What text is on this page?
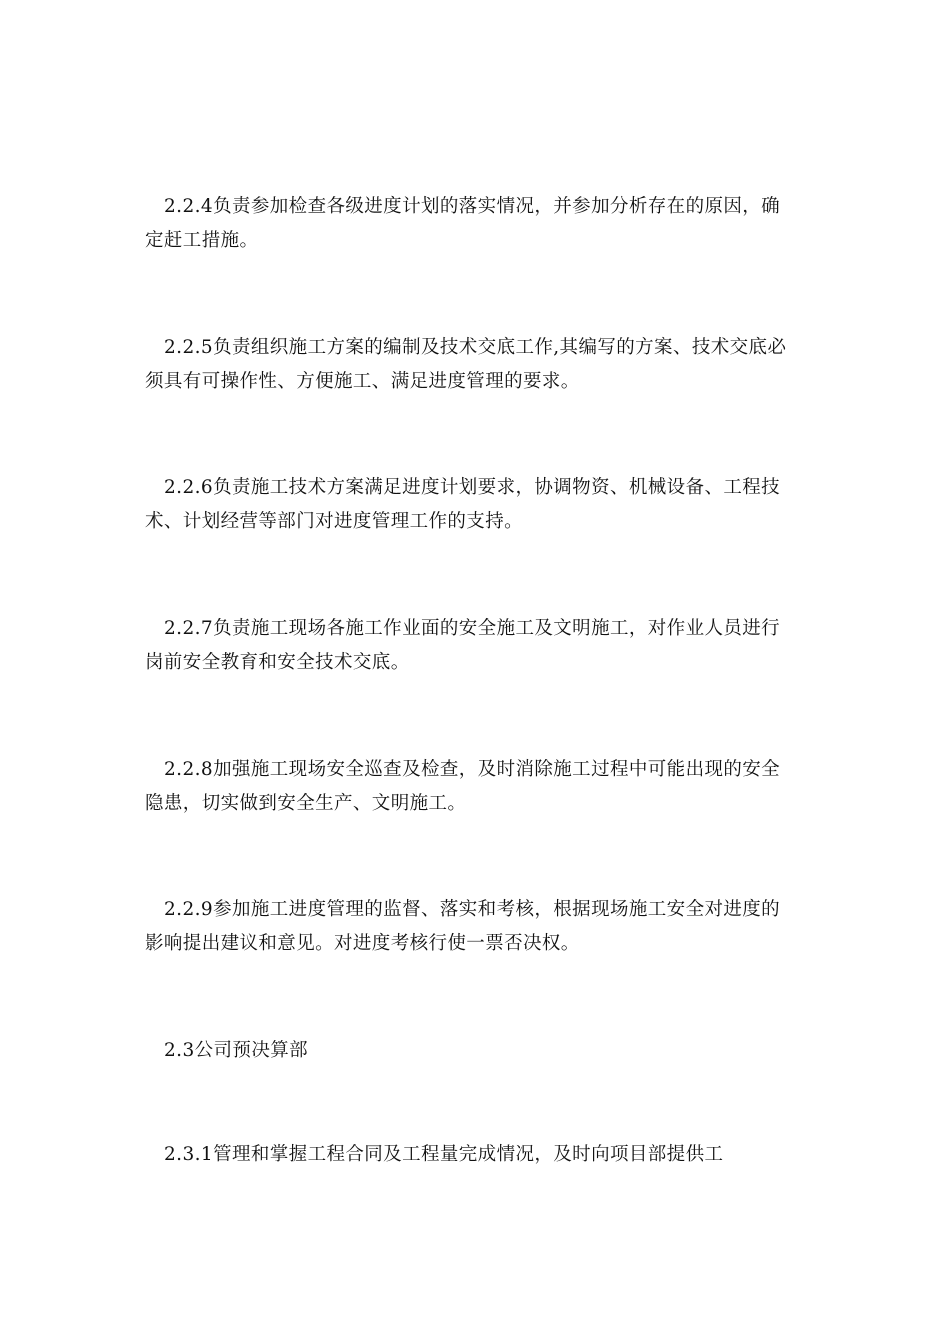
2.2.4负责参加检查各级进度计划的落实情况，并参加分析存在的原因，确
定赶工措施。

2.2.5负责组织施工方案的编制及技术交底工作,其编写的方案、技术交底必
须具有可操作性、方便施工、满足进度管理的要求。

2.2.6负责施工技术方案满足进度计划要求，协调物资、机械设备、工程技
术、计划经营等部门对进度管理工作的支持。

2.2.7负责施工现场各施工作业面的安全施工及文明施工，对作业人员进行
岗前安全教育和安全技术交底。

2.2.8加强施工现场安全巡查及检查，及时消除施工过程中可能出现的安全
隐患，切实做到安全生产、文明施工。

2.2.9参加施工进度管理的监督、落实和考核，根据现场施工安全对进度的
影响提出建议和意见。对进度考核行使一票否决权。

2.3公司预决算部

2.3.1管理和掌握工程合同及工程量完成情况，及时向项目部提供工
